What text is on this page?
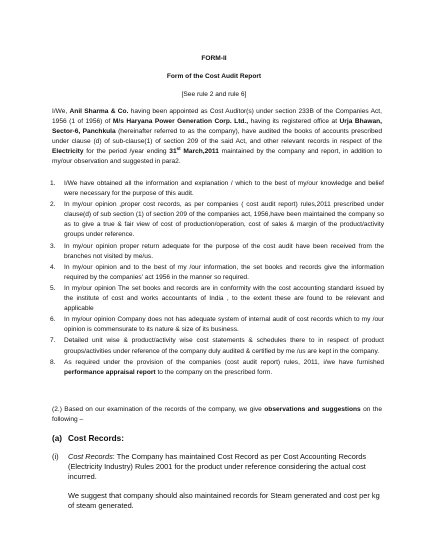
FORM-II
Form of the Cost Audit Report
[See rule 2 and rule 6]
I/We, Anil Sharma & Co. having been appointed as Cost Auditor(s) under section 233B of the Companies Act, 1956 (1 of 1956) of M/s Haryana Power Generation Corp. Ltd., having its registered office at Urja Bhawan, Sector-6, Panchkula (hereinafter referred to as the company), have audited the books of accounts prescribed under clause (d) of sub-clause(1) of section 209 of the said Act, and other relevant records in respect of the Electricity for the period /year ending 31st March,2011 maintained by the company and report, in addition to my/our observation and suggested in para2.
1. I/We have obtained all the information and explanation / which to the best of my/our knowledge and belief were necessary for the purpose of this audit.
2. In my/our opinion ,proper cost records, as per companies ( cost audit report) rules,2011 prescribed under clause(d) of sub section (1) of section 209 of the companies act, 1956,have been maintained the company so as to give a true & fair view of cost of production/operation, cost of sales & margin of the product/activity groups under reference.
3. In my/our opinion proper return adequate for the purpose of the cost audit have been received from the branches not visited by me/us.
4. In my/our opinion and to the best of my /our information, the set books and records give the information required by the companies' act 1956 in the manner so required.
5. In my/our opinion The set books and records are in conformity with the cost accounting standard issued by the institute of cost and works accountants of India , to the extent these are found to be relevant and applicable
6. In my/our opinion Company does not has adequate system of internal audit of cost records which to my /our opinion is commensurate to its nature & size of its business.
7. Detailed unit wise & product/activity wise cost statements & schedules there to in respect of product groups/activities under reference of the company duly audited & certified by me /us are kept in the company.
8. As required under the provision of the companies (cost audit report) rules, 2011, i/we have furnished performance appraisal report to the company on the prescribed form.
(2.) Based on our examination of the records of the company, we give observations and suggestions on the following –
(a) Cost Records:
(i)	Cost Records: The Company has maintained Cost Record as per Cost Accounting Records (Electricity Industry) Rules 2001 for the product under reference considering the actual cost incurred.
We suggest that company should also maintained records for Steam generated and cost per kg of steam generated.
